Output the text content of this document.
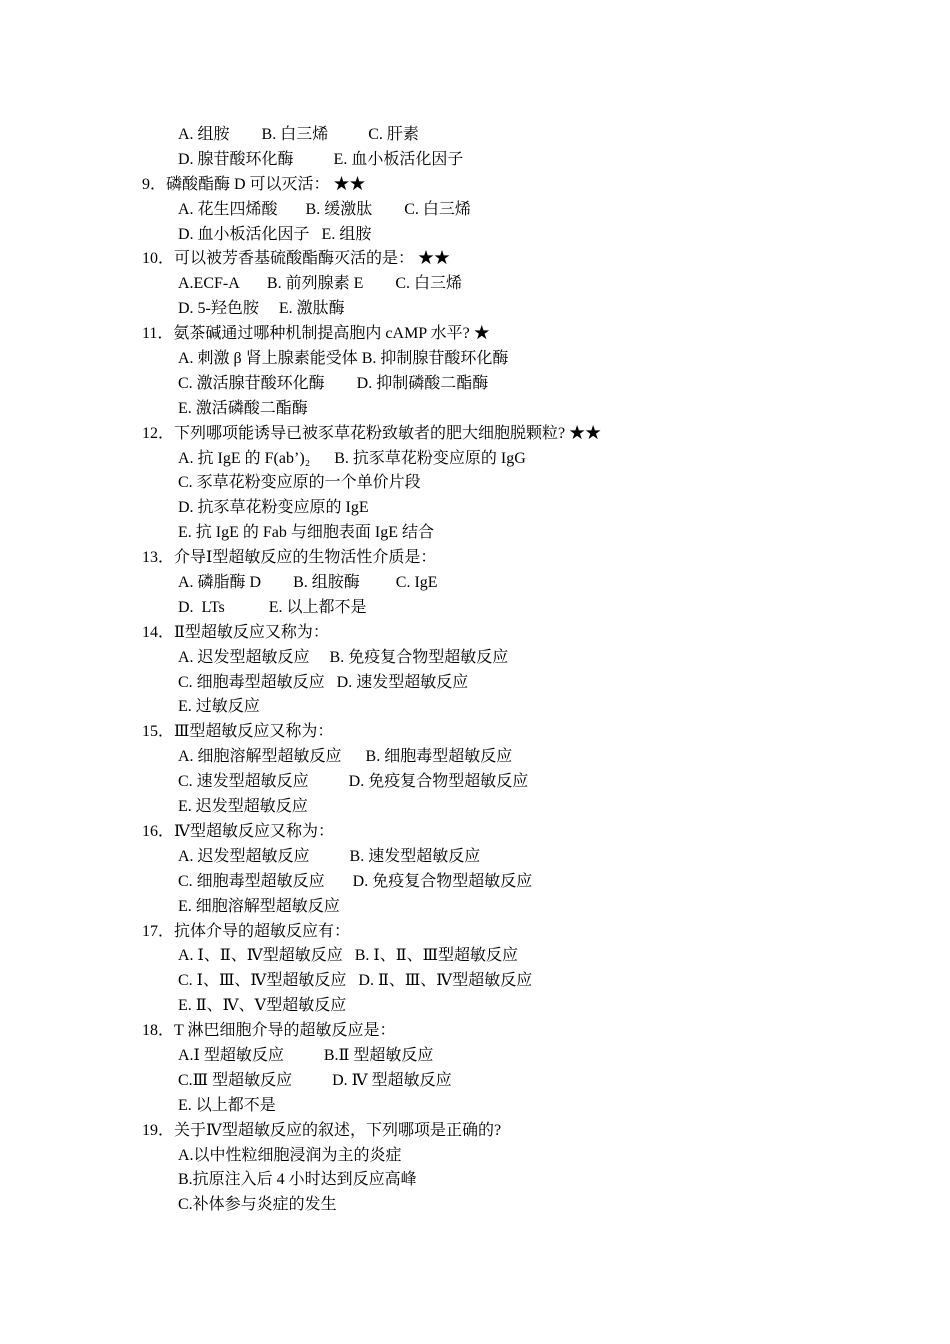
A. 组胺        B. 白三烯          C. 肝素
D. 腺苷酸环化酶          E. 血小板活化因子
9．磷酸酯酶 D 可以灭活： ★★
A. 花生四烯酸       B. 缓激肽        C. 白三烯
D. 血小板活化因子   E. 组胺
10．可以被芳香基硫酸酯酶灭活的是： ★★
A.ECF-A       B. 前列腺素 E        C. 白三烯
D. 5-羟色胺     E. 激肽酶
11．氨茶碱通过哪种机制提高胞内 cAMP 水平? ★
A. 刺激 β 肾上腺素能受体 B. 抑制腺苷酸环化酶
C. 激活腺苷酸环化酶        D. 抑制磷酸二酯酶
E. 激活磷酸二酯酶
12．下列哪项能诱导已被豕草花粉致敏者的肥大细胞脱颗粒? ★★
A. 抗 IgE 的 F(ab’)₂      B. 抗豕草花粉变应原的 IgG
C. 豕草花粉变应原的一个单价片段
D. 抗豕草花粉变应原的 IgE
E. 抗 IgE 的 Fab 与细胞表面 IgE 结合
13．介导Ⅰ型超敏反应的生物活性介质是：
A. 磷脂酶 D        B. 组胺酶         C. IgE
D.  LTs           E. 以上都不是
14．Ⅱ型超敏反应又称为：
A. 迟发型超敏反应     B. 免疫复合物型超敏反应
C. 细胞毒型超敏反应   D. 速发型超敏反应
E. 过敏反应
15．Ⅲ型超敏反应又称为：
A. 细胞溶解型超敏反应      B. 细胞毒型超敏反应
C. 速发型超敏反应          D. 免疫复合物型超敏反应
E. 迟发型超敏反应
16．Ⅳ型超敏反应又称为：
A. 迟发型超敏反应          B. 速发型超敏反应
C. 细胞毒型超敏反应       D. 免疫复合物型超敏反应
E. 细胞溶解型超敏反应
17．抗体介导的超敏反应有：
A. Ⅰ、Ⅱ、Ⅳ型超敏反应   B. Ⅰ、Ⅱ、Ⅲ型超敏反应
C. Ⅰ、Ⅲ、Ⅳ型超敏反应   D. Ⅱ、Ⅲ、Ⅳ型超敏反应
E. Ⅱ、Ⅳ、Ⅴ型超敏反应
18．T 淋巴细胞介导的超敏反应是：
A.Ⅰ 型超敏反应          B.Ⅱ 型超敏反应
C.Ⅲ 型超敏反应          D. Ⅳ 型超敏反应
E. 以上都不是
19．关于Ⅳ型超敏反应的叙述，下列哪项是正确的?
A.以中性粒细胞浸润为主的炎症
B.抗原注入后 4 小时达到反应高峰
C.补体参与炎症的发生
